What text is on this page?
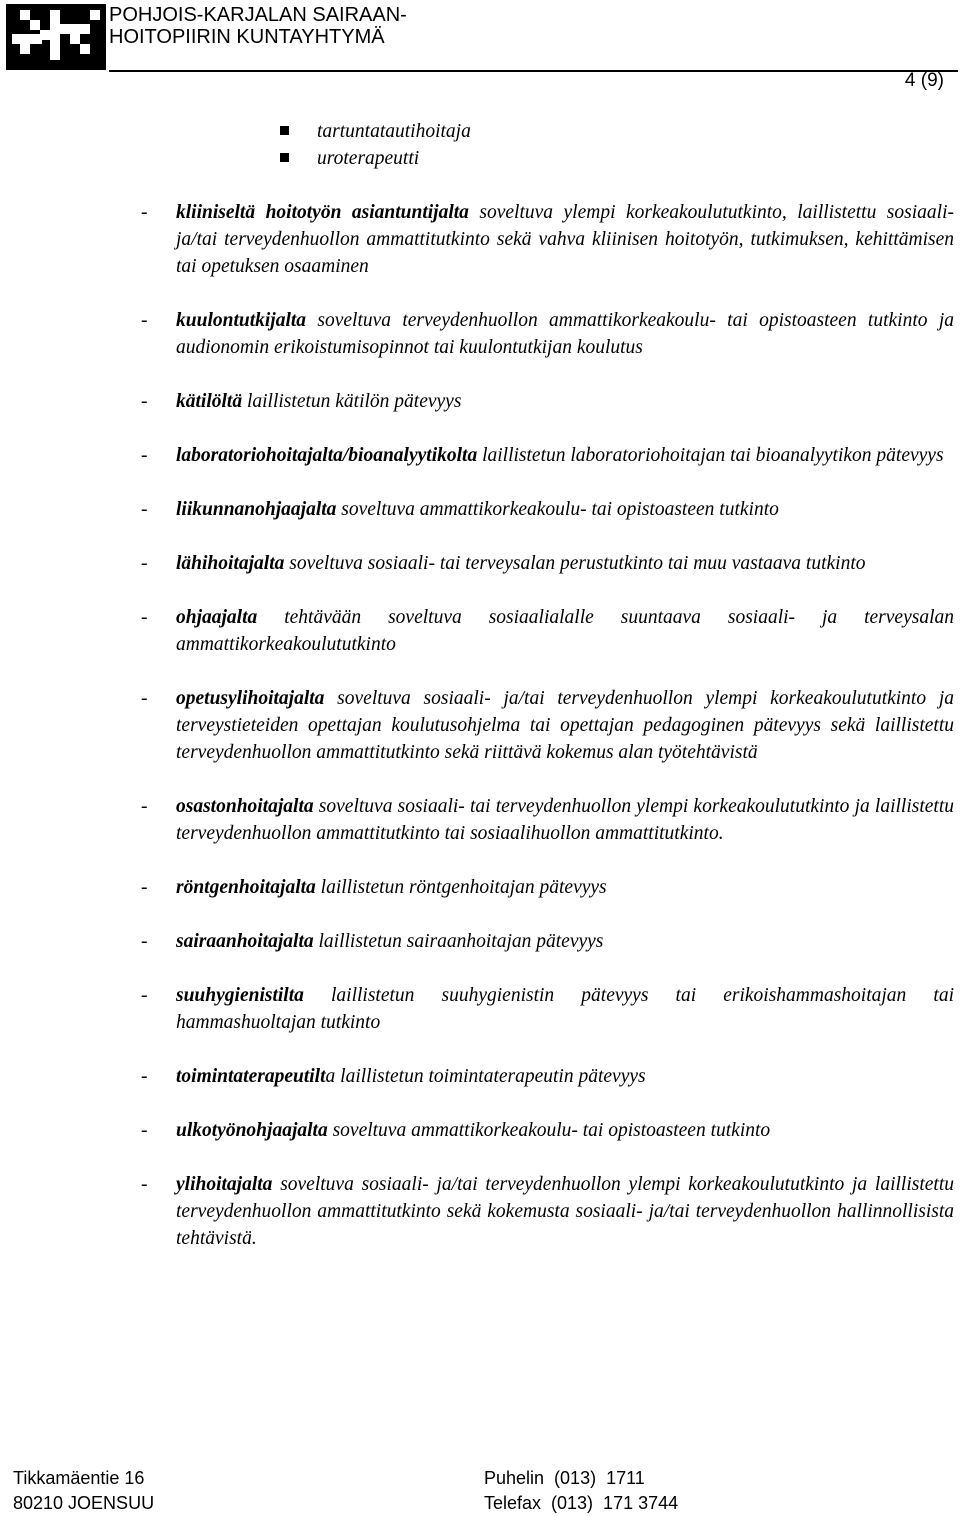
POHJOIS-KARJALAN SAIRAAN-
HOITOPIIRIN KUNTAYHTYMÄ
4 (9)
tartuntatautihoitaja
uroterapeutti
- kliiniseltä hoitotyön asiantuntijalta soveltuva ylempi korkeakoulututkinto, laillistettu sosiaali- ja/tai terveydenhuollon ammattitutkinto sekä vahva kliinisen hoitotyön, tutkimuksen, kehittämisen tai opetuksen osaaminen
- kuulontutkijalta soveltuva terveydenhuollon ammattikorkeakoulu- tai opistoasteen tutkinto ja audionomin erikoistumisopinnot tai kuulontutkijan koulutus
- kätilöltä laillistetun kätilön pätevyys
- laboratoriohoitajalta/bioanalyytikolta laillistetun laboratoriohoitajan tai bioanalyytikon pätevyys
- liikunnanohjaajalta soveltuva ammattikorkeakoulu- tai opistoasteen tutkinto
- lähihoitajalta soveltuva sosiaali- tai terveysalan perustutkinto tai muu vastaava tutkinto
- ohjaajalta tehtävään soveltuva sosiaalialalle suuntaava sosiaali- ja terveysalan ammattikorkeakoulututkinto
- opetusylihoitajalta soveltuva sosiaali- ja/tai terveydenhuollon ylempi korkeakoulututkinto ja terveystieteiden opettajan koulutusohjelma tai opettajan pedagoginen pätevyys sekä laillistettu terveydenhuollon ammattitutkinto sekä riittävä kokemus alan työtehtävistä
- osastonhoitajalta soveltuva sosiaali- tai terveydenhuollon ylempi korkeakoulututkinto ja laillistettu terveydenhuollon ammattitutkinto tai sosiaalihuollon ammattitutkinto.
- röntgenhoitajalta laillistetun röntgenhoitajan pätevyys
- sairaanhoitajalta laillistetun sairaanhoitajan pätevyys
- suuhygienistilta laillistetun suuhygienistin pätevyys tai erikoishammashoitajan tai hammashuoltajan tutkinto
- toimintaterapeutilta laillistetun toimintaterapeutin pätevyys
- ulkotyönohjaajalta soveltuva ammattikorkeakoulu- tai opistoasteen tutkinto
- ylihoitajalta soveltuva sosiaali- ja/tai terveydenhuollon ylempi korkeakoulututkinto ja laillistettu terveydenhuollon ammattitutkinto sekä kokemusta sosiaali- ja/tai terveydenhuollon hallinnollisista tehtävistä.
Tikkamäentie 16
80210 JOENSUU
Puhelin  (013)  1711
Telefax  (013)  171 3744
